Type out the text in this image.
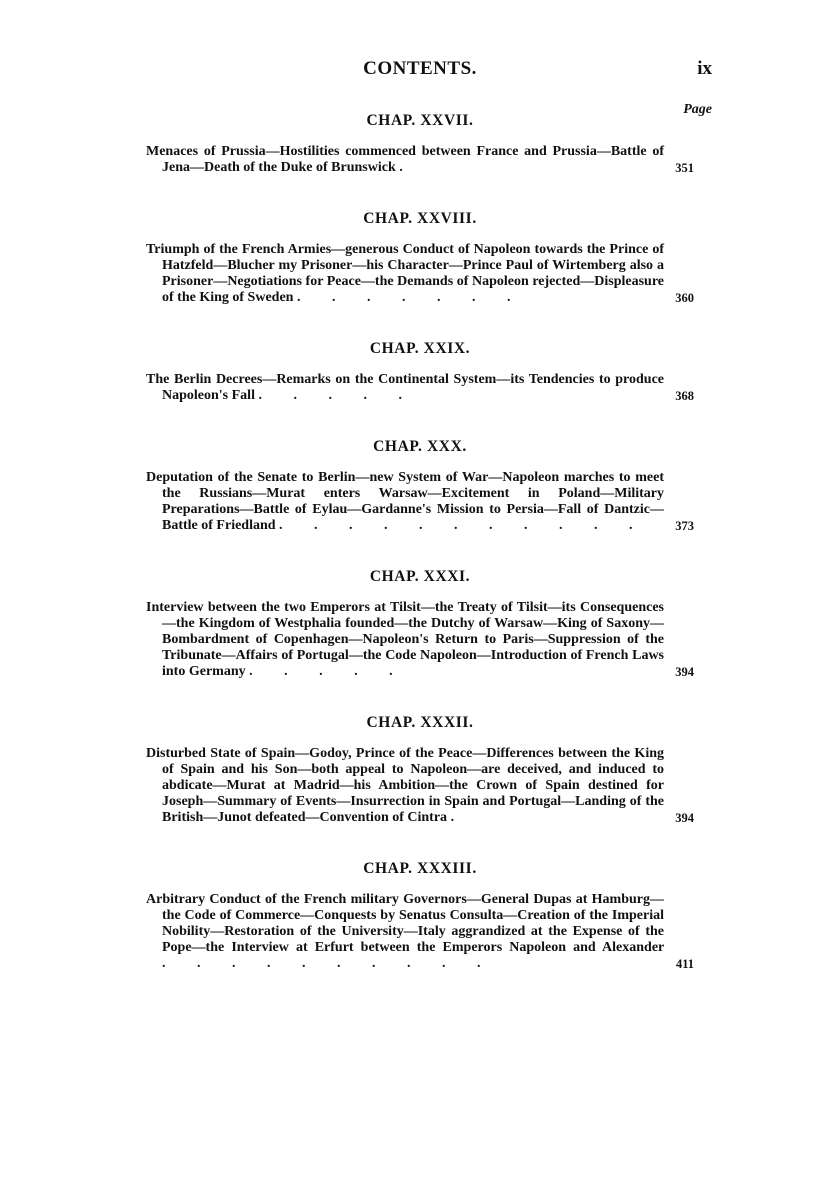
CONTENTS.	ix
Page
CHAP. XXVII.
Menaces of Prussia—Hostilities commenced between France and Prussia—Battle of Jena—Death of the Duke of Brunswick .	351
CHAP. XXVIII.
Triumph of the French Armies—generous Conduct of Napoleon towards the Prince of Hatzfeld—Blucher my Prisoner—his Character—Prince Paul of Wirtemberg also a Prisoner—Negotiations for Peace—the Demands of Napoleon rejected—Displeasure of the King of Sweden . . . . . . .	360
CHAP. XXIX.
The Berlin Decrees—Remarks on the Continental System—its Tendencies to produce Napoleon's Fall . . . . .	368
CHAP. XXX.
Deputation of the Senate to Berlin—new System of War—Napoleon marches to meet the Russians—Murat enters Warsaw—Excitement in Poland—Military Preparations—Battle of Eylau—Gardanne's Mission to Persia—Fall of Dantzic—Battle of Friedland . . . . . . . . . . .	373
CHAP. XXXI.
Interview between the two Emperors at Tilsit—the Treaty of Tilsit—its Consequences—the Kingdom of Westphalia founded—the Dutchy of Warsaw—King of Saxony—Bombardment of Copenhagen—Napoleon's Return to Paris—Suppression of the Tribunate—Affairs of Portugal—the Code Napoleon—Introduction of French Laws into Germany . . . . .	394
CHAP. XXXII.
Disturbed State of Spain—Godoy, Prince of the Peace—Differences between the King of Spain and his Son—both appeal to Napoleon—are deceived, and induced to abdicate—Murat at Madrid—his Ambition—the Crown of Spain destined for Joseph—Summary of Events—Insurrection in Spain and Portugal—Landing of the British—Junot defeated—Convention of Cintra .	394
CHAP. XXXIII.
Arbitrary Conduct of the French military Governors—General Dupas at Hamburg—the Code of Commerce—Conquests by Senatus Consulta—Creation of the Imperial Nobility—Restoration of the University—Italy aggrandized at the Expense of the Pope—the Interview at Erfurt between the Emperors Napoleon and Alexander . . . . . . . . . .	411
